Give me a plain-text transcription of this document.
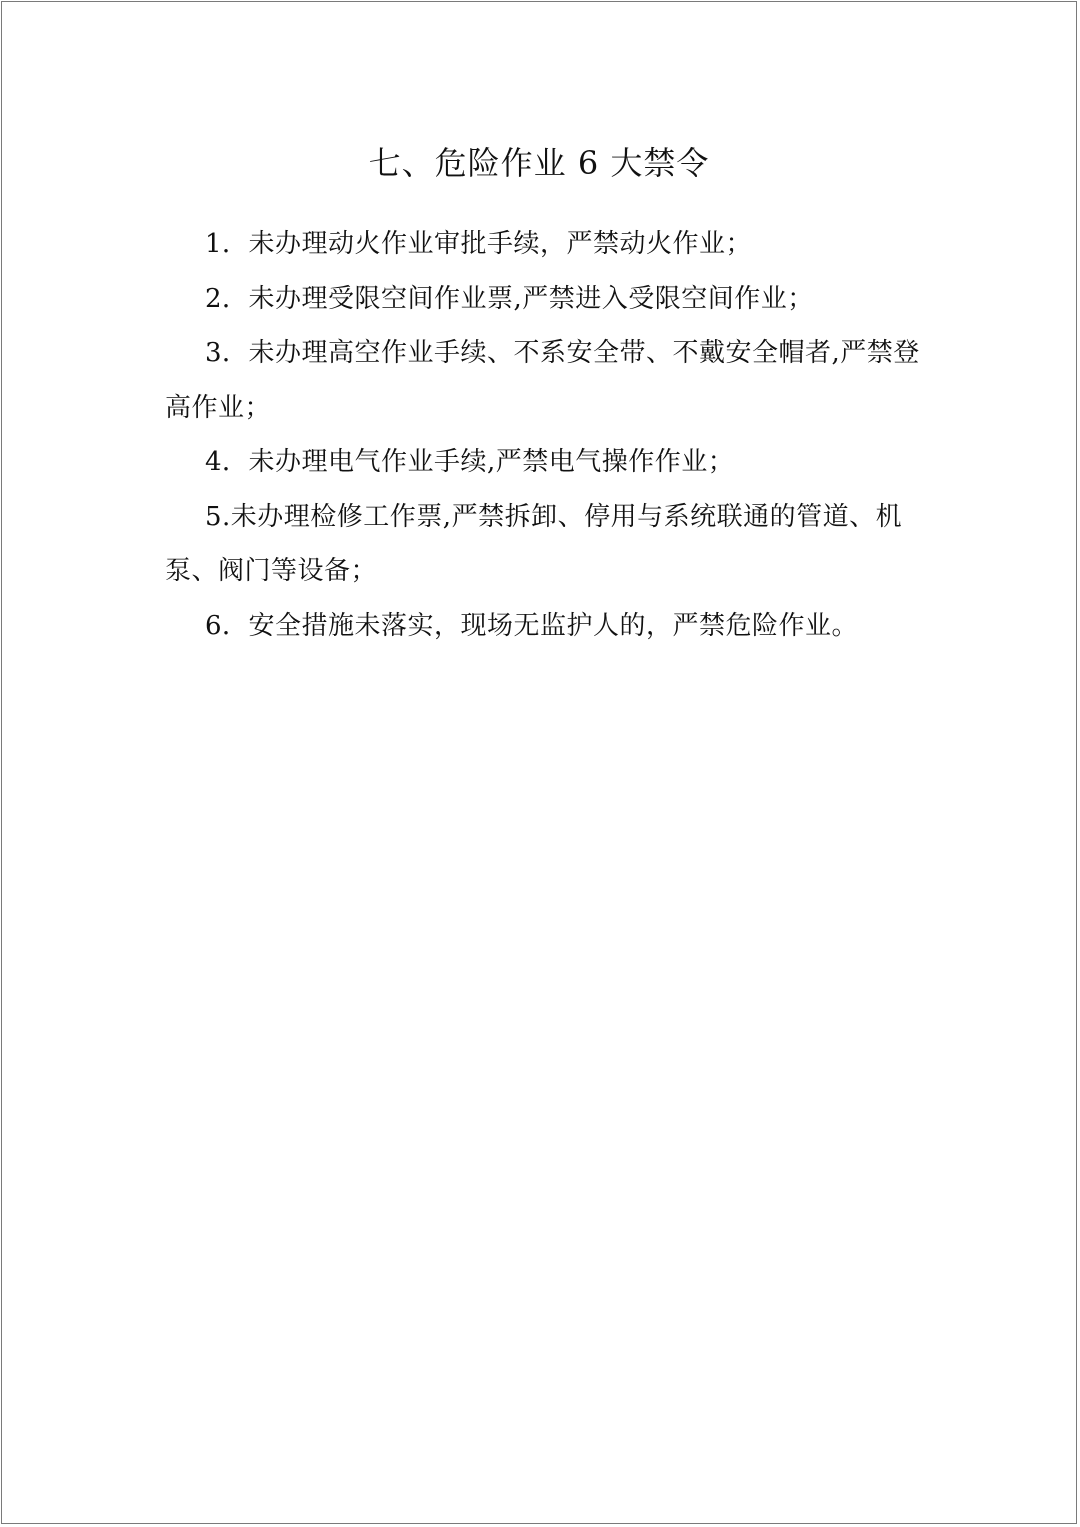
七、危险作业 6 大禁令

1．未办理动火作业审批手续，严禁动火作业；

2．未办理受限空间作业票,严禁进入受限空间作业；

3．未办理高空作业手续、不系安全带、不戴安全帽者,严禁登高作业；

4．未办理电气作业手续,严禁电气操作作业；

5.未办理检修工作票,严禁拆卸、停用与系统联通的管道、机泵、阀门等设备；

6．安全措施未落实，现场无监护人的，严禁危险作业。
